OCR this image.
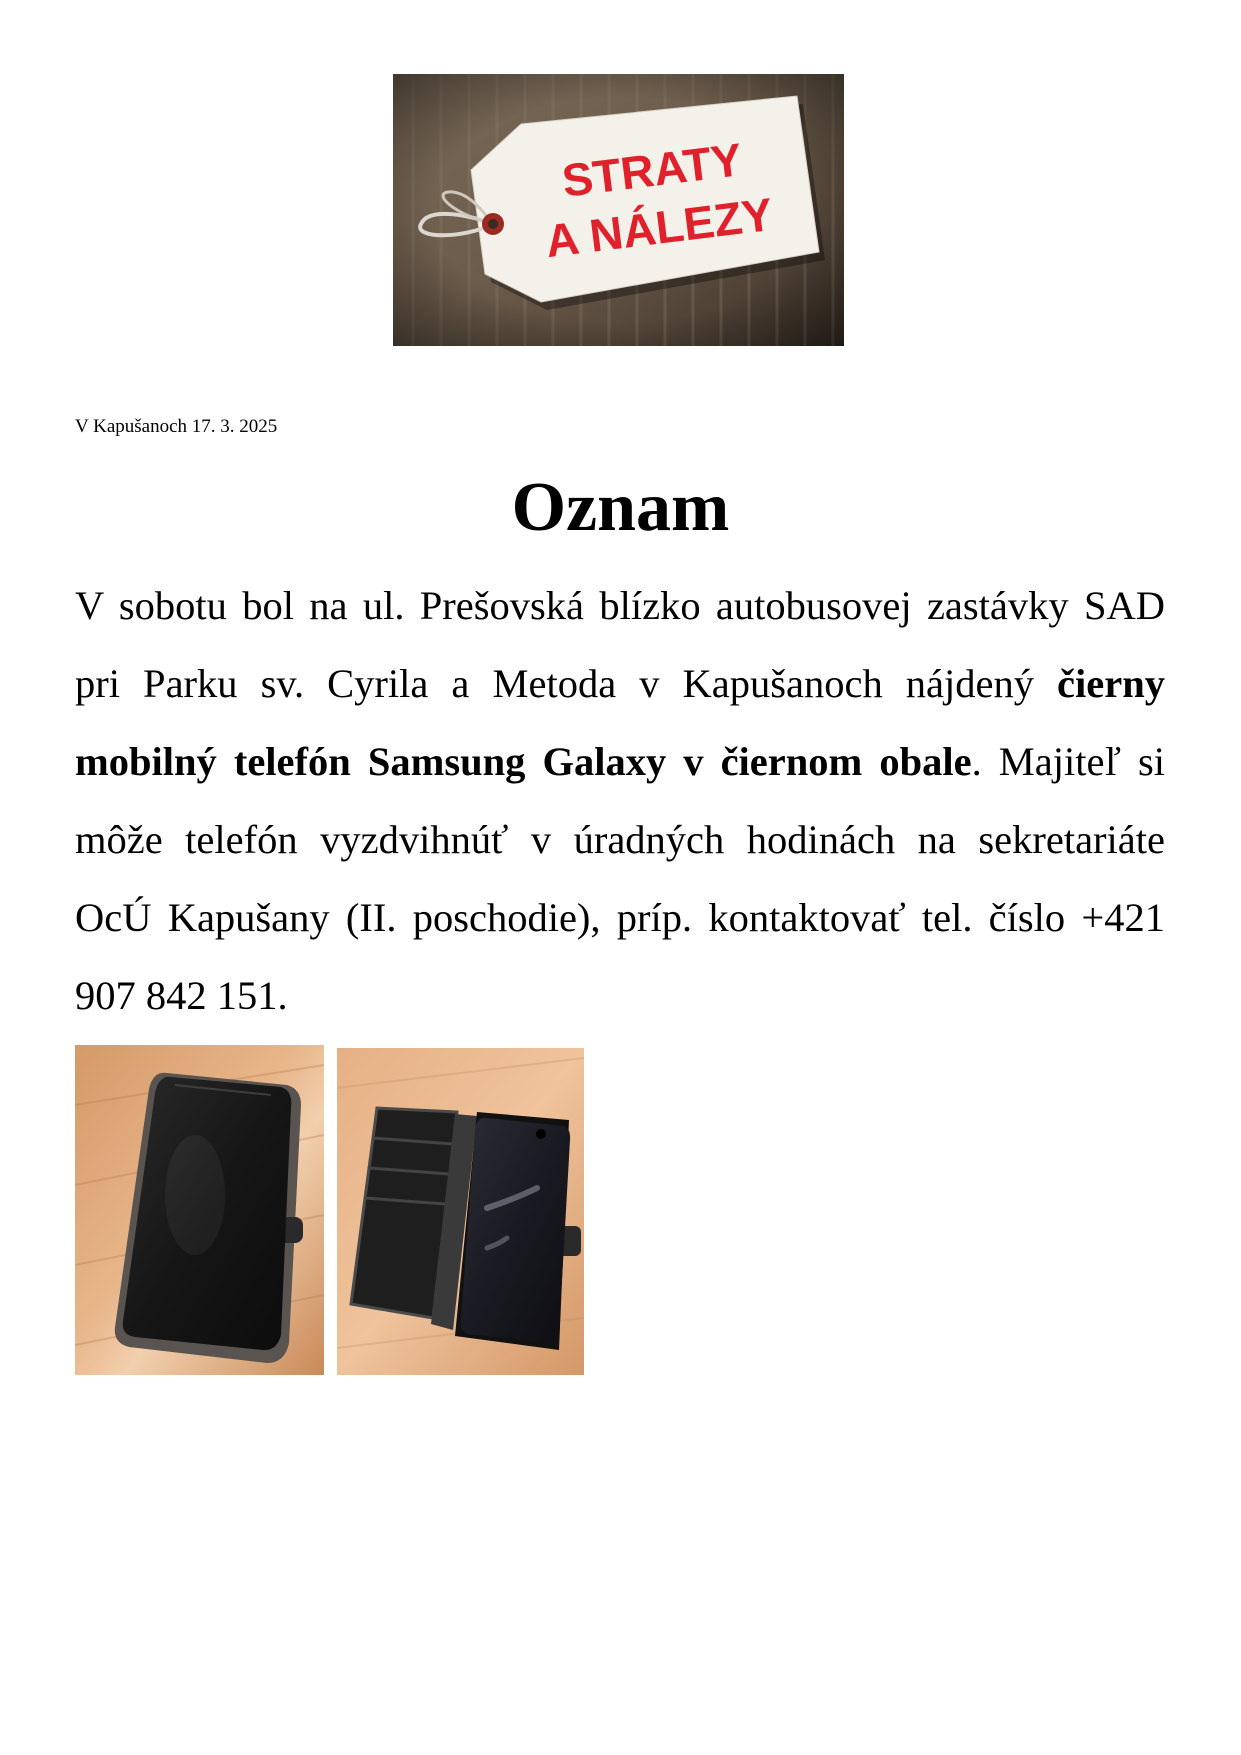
STRATY
A NÁLEZY
V Kapušanoch 17. 3. 2025
Oznam

V sobotu bol na ul. Prešovská blízko autobusovej zastávky SAD pri Parku sv. Cyrila a Metoda v Kapušanoch nájdený čierny mobilný telefón Samsung Galaxy v čiernom obale. Majiteľ si môže telefón vyzdvihnúť v úradných hodinách na sekretariáte OcÚ Kapušany (II. poschodie), príp. kontaktovať tel. číslo +421 907 842 151.
